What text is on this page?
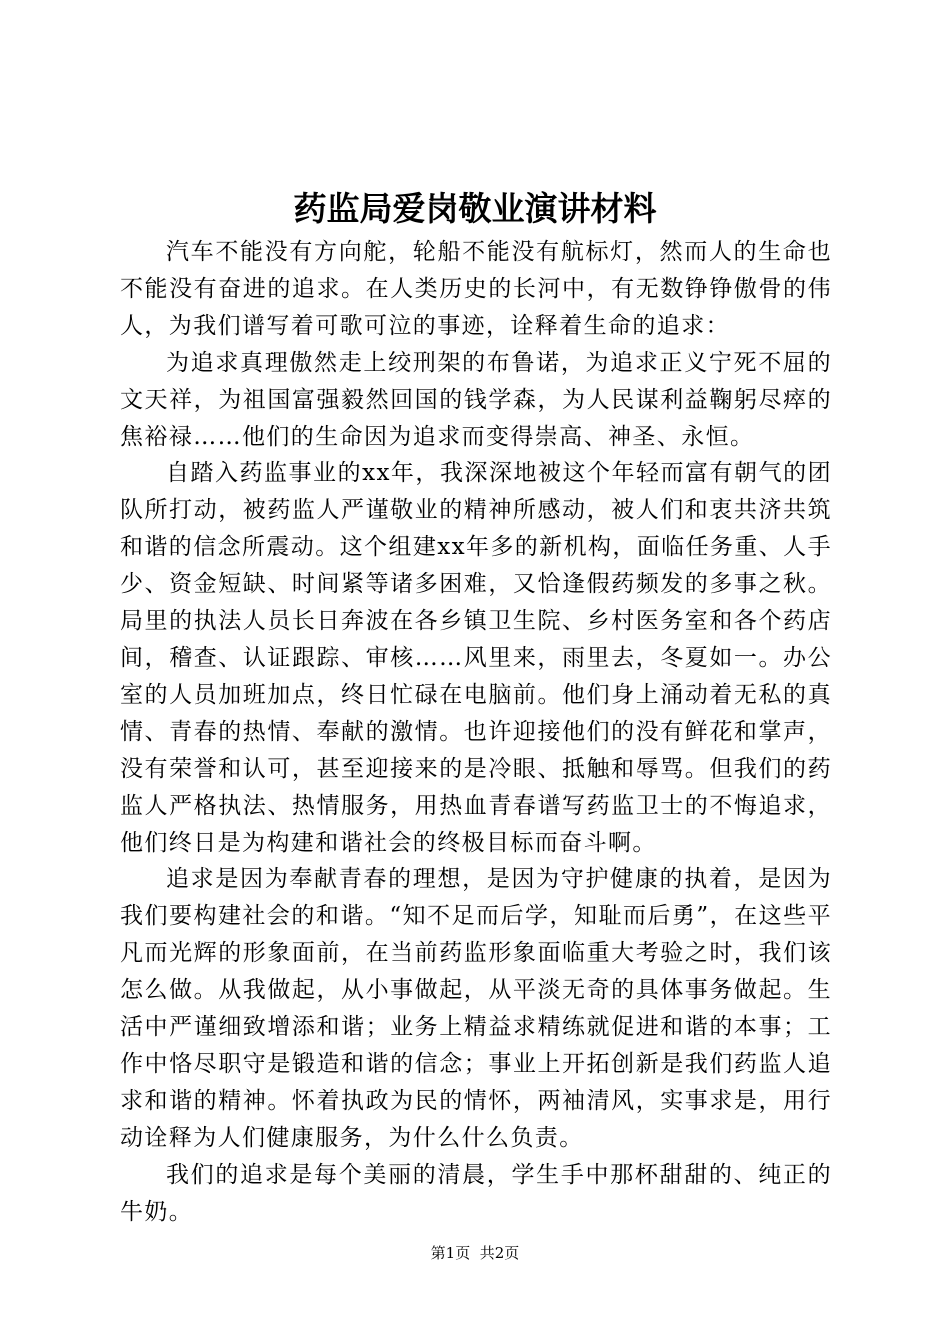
药监局爱岗敬业演讲材料

汽车不能没有方向舵，轮船不能没有航标灯，然而人的生命也不能没有奋进的追求。在人类历史的长河中，有无数铮铮傲骨的伟人，为我们谱写着可歌可泣的事迹，诠释着生命的追求：

为追求真理傲然走上绞刑架的布鲁诺，为追求正义宁死不屈的文天祥，为祖国富强毅然回国的钱学森，为人民谋利益鞠躬尽瘁的焦裕禄……他们的生命因为追求而变得崇高、神圣、永恒。

自踏入药监事业的xx年，我深深地被这个年轻而富有朝气的团队所打动，被药监人严谨敬业的精神所感动，被人们和衷共济共筑和谐的信念所震动。这个组建xx年多的新机构，面临任务重、人手少、资金短缺、时间紧等诸多困难，又恰逢假药频发的多事之秋。局里的执法人员长日奔波在各乡镇卫生院、乡村医务室和各个药店间，稽查、认证跟踪、审核……风里来，雨里去，冬夏如一。办公室的人员加班加点，终日忙碌在电脑前。他们身上涌动着无私的真情、青春的热情、奉献的激情。也许迎接他们的没有鲜花和掌声，没有荣誉和认可，甚至迎接来的是冷眼、抵触和辱骂。但我们的药监人严格执法、热情服务，用热血青春谱写药监卫士的不悔追求，他们终日是为构建和谐社会的终极目标而奋斗啊。

追求是因为奉献青春的理想，是因为守护健康的执着，是因为我们要构建社会的和谐。“知不足而后学，知耻而后勇”，在这些平凡而光辉的形象面前，在当前药监形象面临重大考验之时，我们该怎么做。从我做起，从小事做起，从平淡无奇的具体事务做起。生活中严谨细致增添和谐；业务上精益求精练就促进和谐的本事；工作中恪尽职守是锻造和谐的信念；事业上开拓创新是我们药监人追求和谐的精神。怀着执政为民的情怀，两袖清风，实事求是，用行动诠释为人们健康服务，为什么什么负责。

我们的追求是每个美丽的清晨，学生手中那杯甜甜的、纯正的牛奶。

第1页 共2页
